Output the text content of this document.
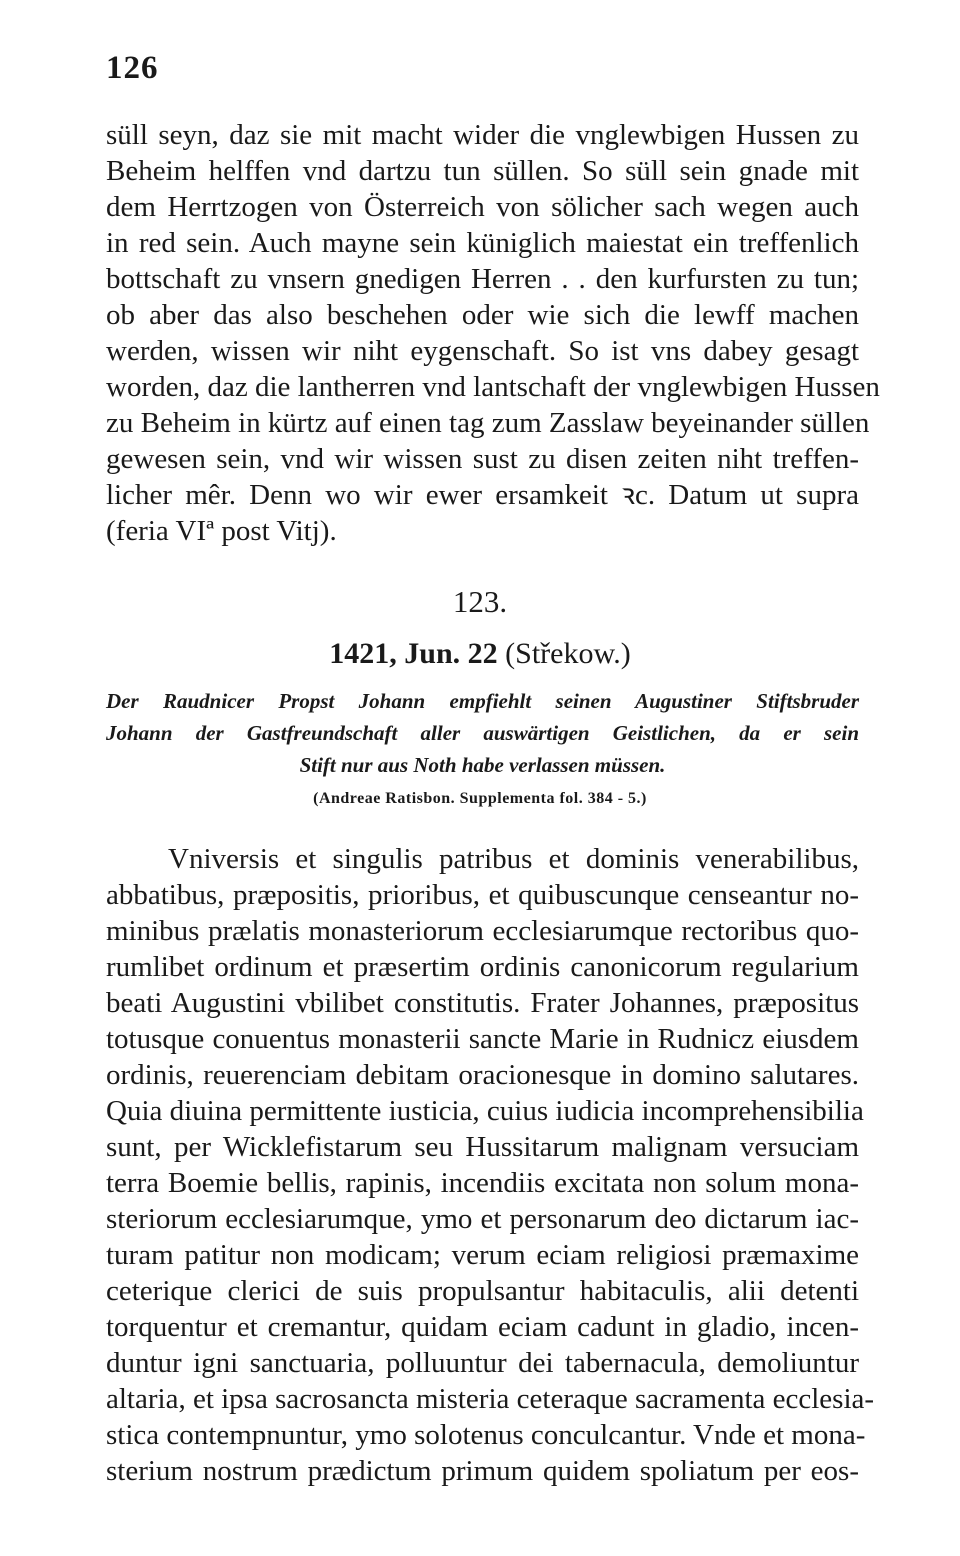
126
süll seyn, daz sie mit macht wider die vnglewbigen Hussen zu
Beheim helffen vnd dartzu tun süllen. So süll sein gnade mit
dem Herrtzogen von Österreich von sölicher sach wegen auch
in red sein. Auch mayne sein küniglich maiestat ein treffenlich
bottschaft zu vnsern gnedigen Herren . . den kurfursten zu tun;
ob aber das also beschehen oder wie sich die lewff machen
werden, wissen wir niht eygenschaft. So ist vns dabey gesagt
worden, daz die lantherren vnd lantschaft der vnglewbigen Hussen
zu Beheim in kürtz auf einen tag zum Zasslaw beyeinander süllen
gewesen sein, vnd wir wissen sust zu disen zeiten niht treffen-
licher mêr. Denn wo wir ewer ersamkeit ꝛc. Datum ut supra
(feria VIª post Vitj).
123.
1421, Jun. 22 (Střekow.)
Der Raudnicer Propst Johann empfiehlt seinen Augustiner Stiftsbruder
Johann der Gastfreundschaft aller auswärtigen Geistlichen, da er sein
Stift nur aus Noth habe verlassen müssen.
(Andreae Ratisbon. Supplementa fol. 384 - 5.)
Vniversis et singulis patribus et dominis venerabilibus,
abbatibus, præpositis, prioribus, et quibuscunque censeantur no-
minibus prælatis monasteriorum ecclesiarumque rectoribus quo-
rumlibet ordinum et præsertim ordinis canonicorum regularium
beati Augustini vbilibet constitutis. Frater Johannes, præpositus
totusque conuentus monasterii sancte Marie in Rudnicz eiusdem
ordinis, reuerenciam debitam oracionesque in domino salutares.
Quia diuina permittente iusticia, cuius iudicia incomprehensibilia
sunt, per Wicklefistarum seu Hussitarum malignam versuciam
terra Boemie bellis, rapinis, incendiis excitata non solum mona-
steriorum ecclesiarumque, ymo et personarum deo dictarum iac-
turam patitur non modicam; verum eciam religiosi præmaxime
ceterique clerici de suis propulsantur habitaculis, alii detenti
torquentur et cremantur, quidam eciam cadunt in gladio, incen-
duntur igni sanctuaria, polluuntur dei tabernacula, demoliuntur
altaria, et ipsa sacrosancta misteria ceteraque sacramenta ecclesia-
stica contempnuntur, ymo solotenus conculcantur. Vnde et mona-
sterium nostrum prædictum primum quidem spoliatum per eos-
